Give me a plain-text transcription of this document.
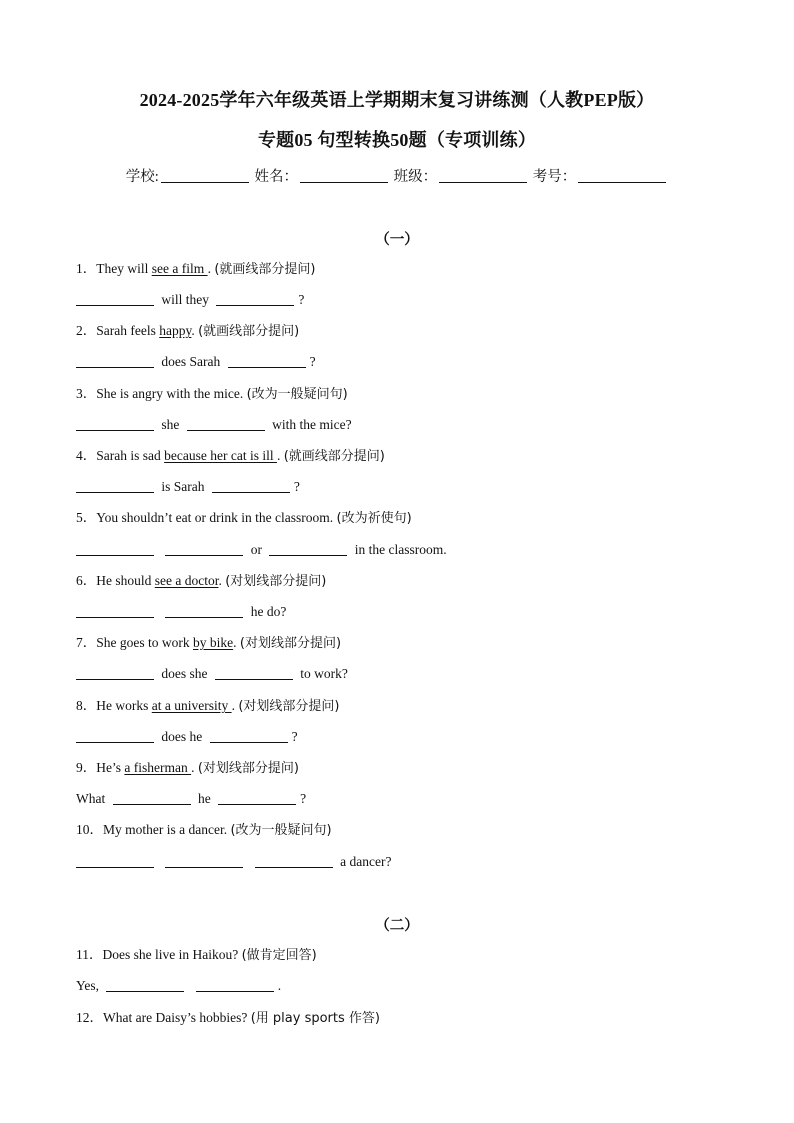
2024-2025学年六年级英语上学期期末复习讲练测（人教PEP版）
专题05 句型转换50题（专项训练）
学校:	姓名：	班级：	考号：
（一）
1．They will see a film . (就画线部分提问)
will they	?
2．Sarah feels happy. (就画线部分提问)
does Sarah	?
3．She is angry with the mice. (改为一般疑问句)
she	with the mice?
4．Sarah is sad because her cat is ill . (就画线部分提问)
is Sarah	?
5．You shouldn’t eat or drink in the classroom. (改为祈使句)
or	in the classroom.
6．He should see a doctor. (对划线部分提问)
he do?
7．She goes to work by bike. (对划线部分提问)
does she	to work?
8．He works at a university . (对划线部分提问)
does he	?
9．He’s a fisherman . (对划线部分提问)
What	he	?
10．My mother is a dancer. (改为一般疑问句)
a dancer?
（二）
11．Does she live in Haikou? (做肯定回答)
Yes,	.
12．What are Daisy’s hobbies? (用 play sports 作答)
